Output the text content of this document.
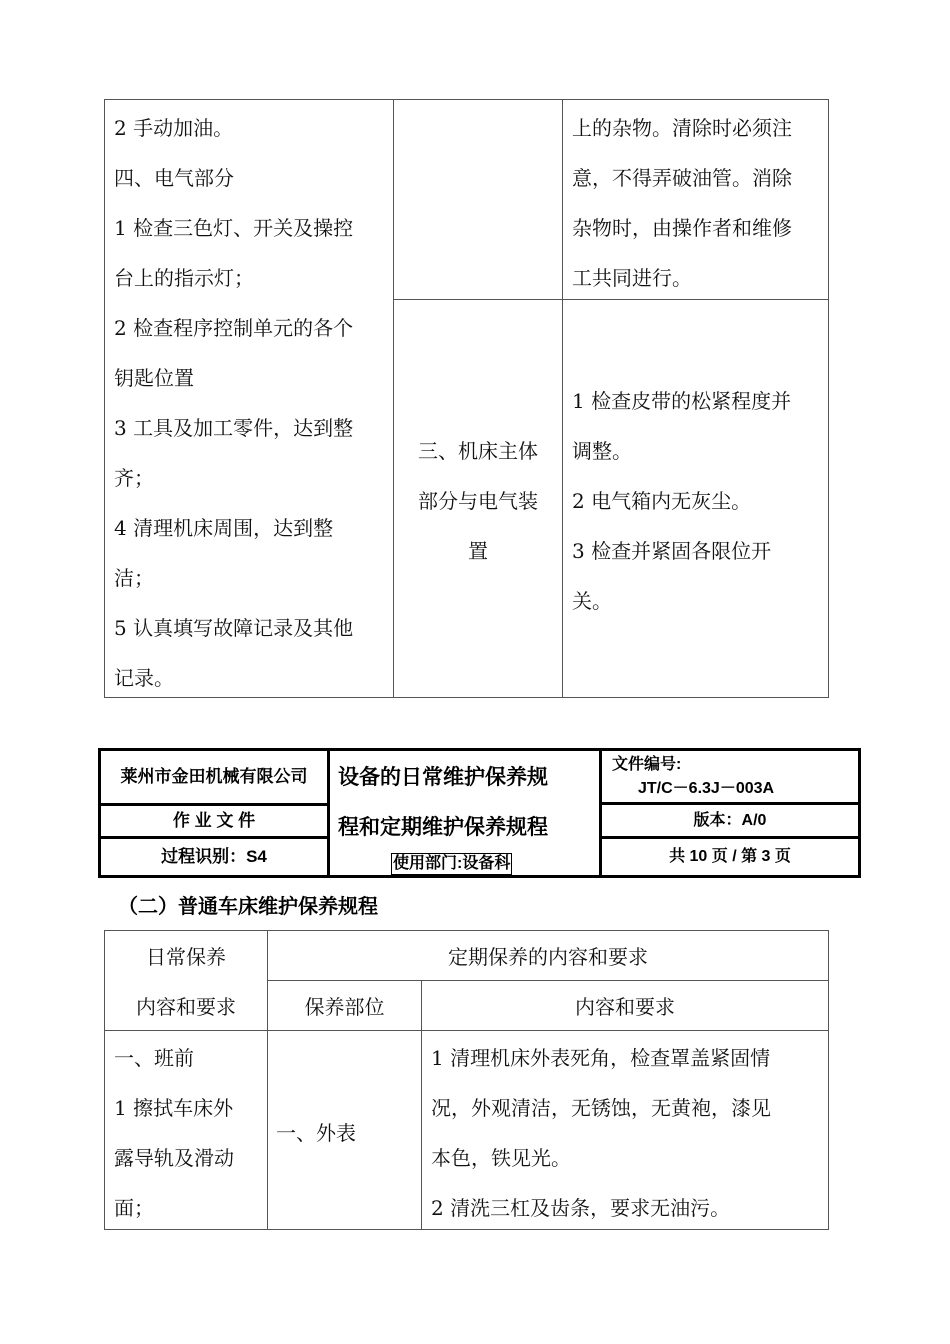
2 手动加油。
四、电气部分
1 检查三色灯、开关及操控
台上的指示灯；
2 检查程序控制单元的各个
钥匙位置
3 工具及加工零件，达到整
齐；
4 清理机床周围，达到整
洁；
5 认真填写故障记录及其他
记录。
上的杂物。清除时必须注
意，不得弄破油管。消除
杂物时，由操作者和维修
工共同进行。
三、机床主体
部分与电气装
置
1 检查皮带的松紧程度并
调整。
2 电气箱内无灰尘。
3 检查并紧固各限位开
关。
莱州市金田机械有限公司
作 业 文 件
过程识别：S4
设备的日常维护保养规
程和定期维护保养规程
使用部门:设备科
文件编号:
JT/C－6.3J－003A
版本：A/0
共 10 页 / 第 3 页
（二）普通车床维护保养规程
日常保养
内容和要求
定期保养的内容和要求
保养部位	内容和要求
一、班前
1 擦拭车床外
露导轨及滑动
面；
一、外表
1 清理机床外表死角，检查罩盖紧固情
况，外观清洁，无锈蚀，无黄袍，漆见
本色，铁见光。
2 清洗三杠及齿条，要求无油污。
